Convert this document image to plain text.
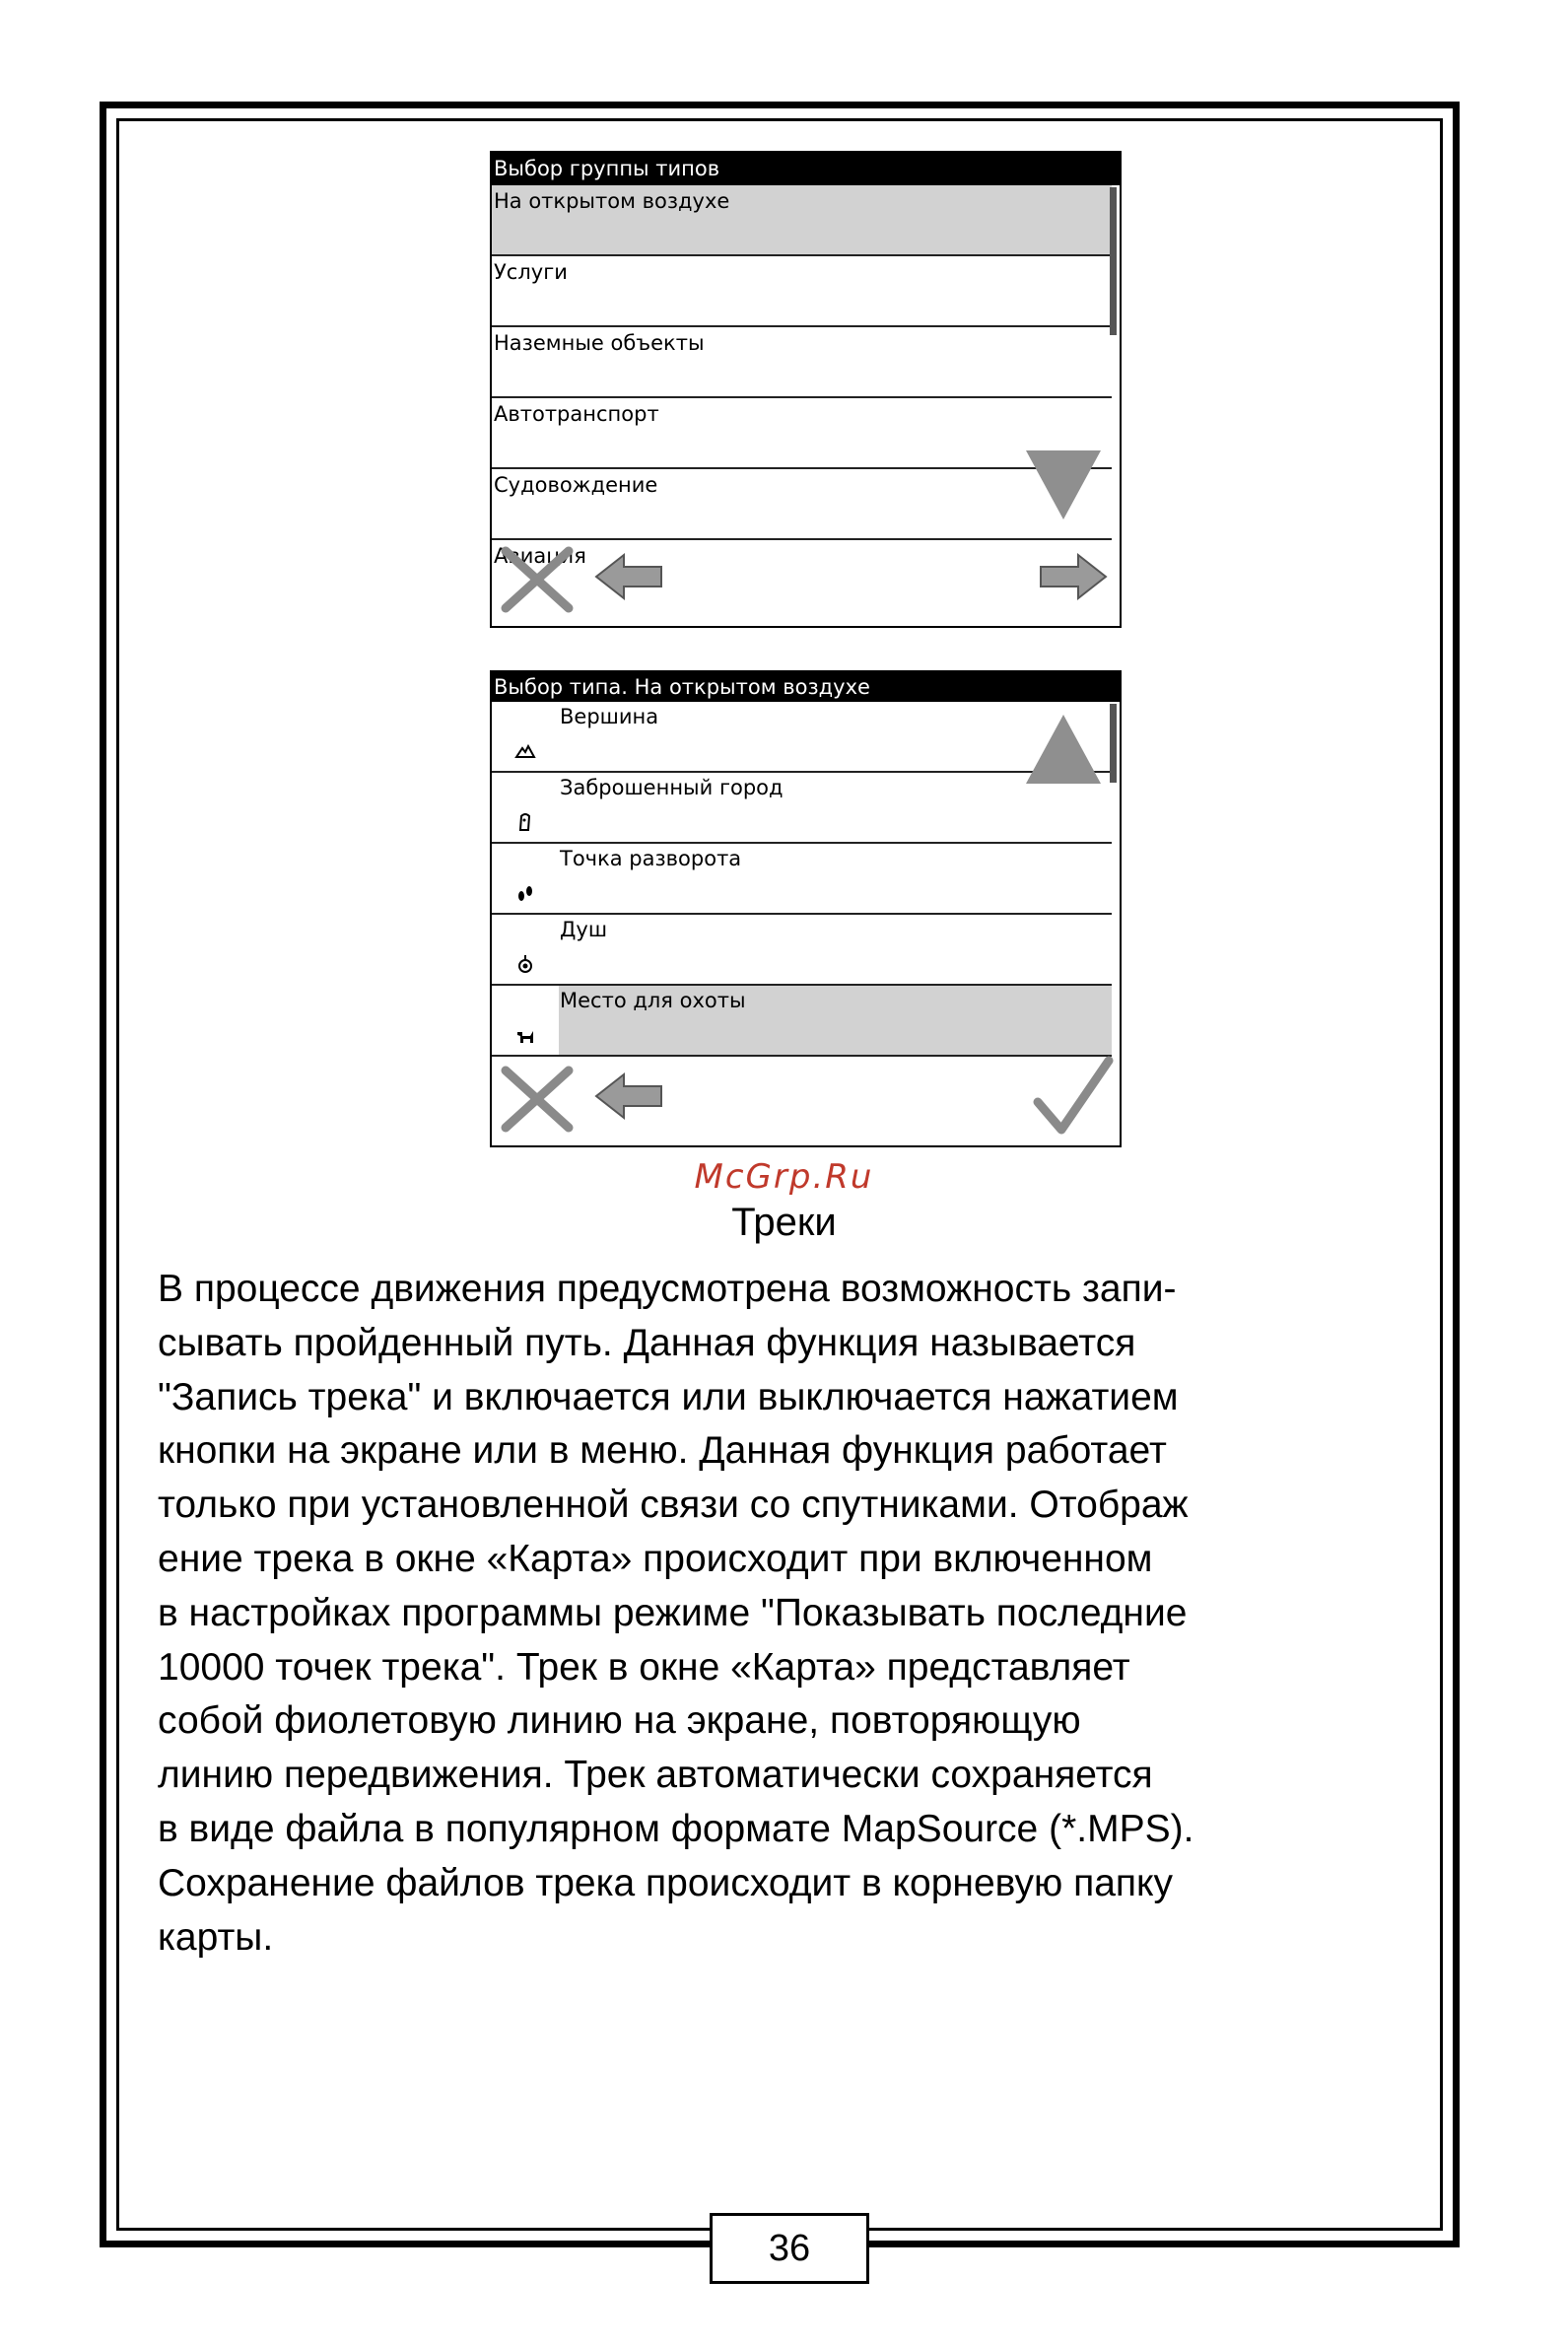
Выбор группы типов
На открытом воздухе
Услуги
Наземные объекты
Автотранспорт
Судовождение
Авиация
Выбор типа. На открытом воздухе
Вершина
Заброшенный город
Точка разворота
Душ
Место для охоты
McGrp.Ru
Треки
В процессе движения предусмотрена возможность запи-
сывать пройденный путь. Данная функция называется
"Запись трека" и включается или выключается нажатием
кнопки на экране или в меню. Данная функция работает
только при установленной связи со спутниками. Отображ
ение трека в окне «Карта» происходит при включенном
в настройках программы режиме "Показывать последние
10000 точек трека". Трек в окне «Карта» представляет
собой фиолетовую линию на экране, повторяющую
линию передвижения. Трек автоматически сохраняется
в виде файла в популярном формате MapSource (*.MPS).
Сохранение файлов трека происходит в корневую папку
карты.
36
